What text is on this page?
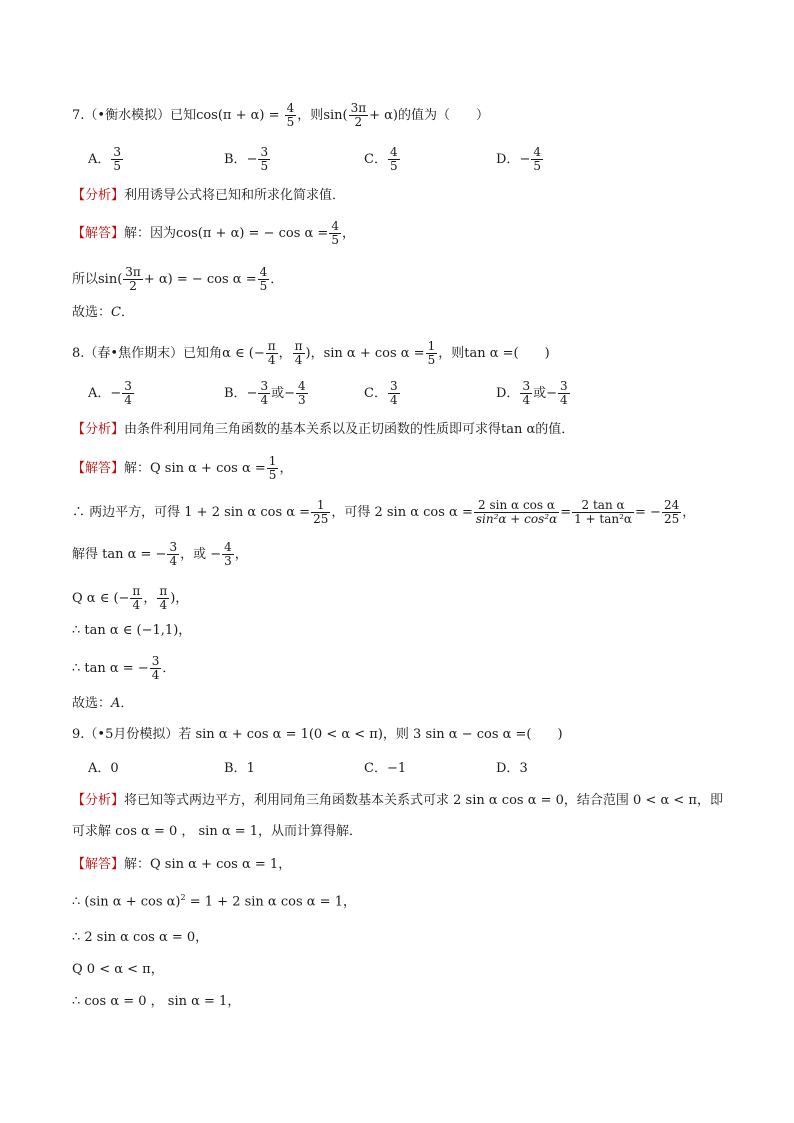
7.（•衡水模拟）已知$\cos(\pi + \alpha) = \frac{4}{5}$ ，则$\sin( \frac{3\pi}{2} + \alpha)$的值为（　　）
A． $\frac{3}{5}$	B．− $\frac{3}{5}$	C． $\frac{4}{5}$	D．− $\frac{4}{5}$
【分析】利用诱导公式将已知和所求化简求值．
【解答】解：因为cos(π + α) = − $\cos \alpha = \frac{4}{5}$ ，
所以$\sin( \frac{3\pi}{2} + \alpha)$ = − $\cos \alpha = \frac{4}{5}$ ．
故选：C．
8.（春•焦作期末）已知角α ∈ (− $\frac{\pi}{4}$ ， $\frac{\pi}{4}$ )，$\sin \alpha + \cos \alpha = \frac{1}{5}$ ，则tan α =(　　)
A．− $\frac{3}{4}$	B．− $\frac{3}{4}$ 或− $\frac{4}{3}$	C． $\frac{3}{4}$	D． $\frac{3}{4}$ 或− $\frac{3}{4}$
【分析】由条件利用同角三角函数的基本关系以及正切函数的性质即可求得tan α的值．
【解答】解：Q $\sin \alpha + \cos \alpha = \frac{1}{5}$ ，
∴ 两边平方，可得 1 + 2 sin α $\cos \alpha = \frac{1}{25}$ ，可得 2 sin α $\cos \alpha = \frac{\text{2 sin α cos α}}{\text{sin²α + cos²α}} = \frac{\text{2 tan α}}{\text{1 + tan²α}}$ = − $\frac{24}{25}$ ，
解得 tan α = − $\frac{3}{4}$ ，或 − $\frac{4}{3}$ ，
Q α ∈ (− $\frac{\pi}{4}$ ， $\frac{\pi}{4}$ )，
∴ tan α ∈ (−1,1)，
∴ tan α = − $\frac{3}{4}$ ．
故选：A．
9.（•5月份模拟）若 sin α + cos α = 1(0 < α < π)，则 3 sin α − cos α =(　　)
A．0	B．1	C．−1	D．3
【分析】将已知等式两边平方，利用同角三角函数基本关系式可求 2 sin α cos α = 0，结合范围 0 < α < π，即
可求解 cos α = 0 ， sin α = 1，从而计算得解．
【解答】解：Q sin α + cos α = 1，
∴ (sin α + cos α)$^2$ = 1 + 2 sin α cos α = 1，
∴ 2 sin α cos α = 0，
Q 0 < α < π，
∴ cos α = 0 ， sin α = 1，
